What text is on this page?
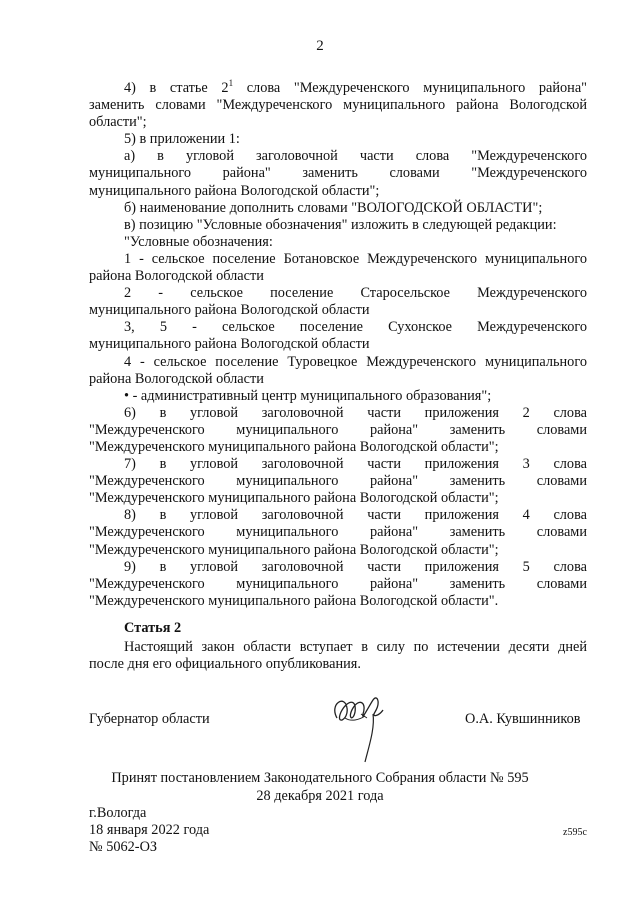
2

4) в статье $2^1$ слова "Междуреченского муниципального района"

заменить словами "Междуреченского муниципального района Вологодской

области";

5) в приложении 1:

а) в угловой заголовочной части слова "Междуреченского

муниципального района" заменить словами "Междуреченского

муниципального района Вологодской области";

б) наименование дополнить словами "ВОЛОГОДСКОЙ ОБЛАСТИ";

в) позицию "Условные обозначения" изложить в следующей редакции:

"Условные обозначения:

1 - сельское поселение Ботановское Междуреченского муниципального

района Вологодской области

2 - сельское поселение Старосельское Междуреченского

муниципального района Вологодской области

3, 5 - сельское поселение Сухонское Междуреченского

муниципального района Вологодской области

4 - сельское поселение Туровецкое Междуреченского муниципального

района Вологодской области

• - административный центр муниципального образования";

6) в угловой заголовочной части приложения 2 слова

"Междуреченского муниципального района" заменить словами

"Междуреченского муниципального района Вологодской области";

7) в угловой заголовочной части приложения 3 слова

"Междуреченского муниципального района" заменить словами

"Междуреченского муниципального района Вологодской области";

8) в угловой заголовочной части приложения 4 слова

"Междуреченского муниципального района" заменить словами

"Междуреченского муниципального района Вологодской области";

9) в угловой заголовочной части приложения 5 слова

"Междуреченского муниципального района" заменить словами

"Междуреченского муниципального района Вологодской области".

Статья 2

Настоящий закон области вступает в силу по истечении десяти дней

после дня его официального опубликования.

Губернатор области	О.А. Кувшинников
Принят постановлением Законодательного Собрания области № 595
28 декабря 2021 года
г.Вологда
18 января 2022 года
№ 5062-ОЗ
z595c
